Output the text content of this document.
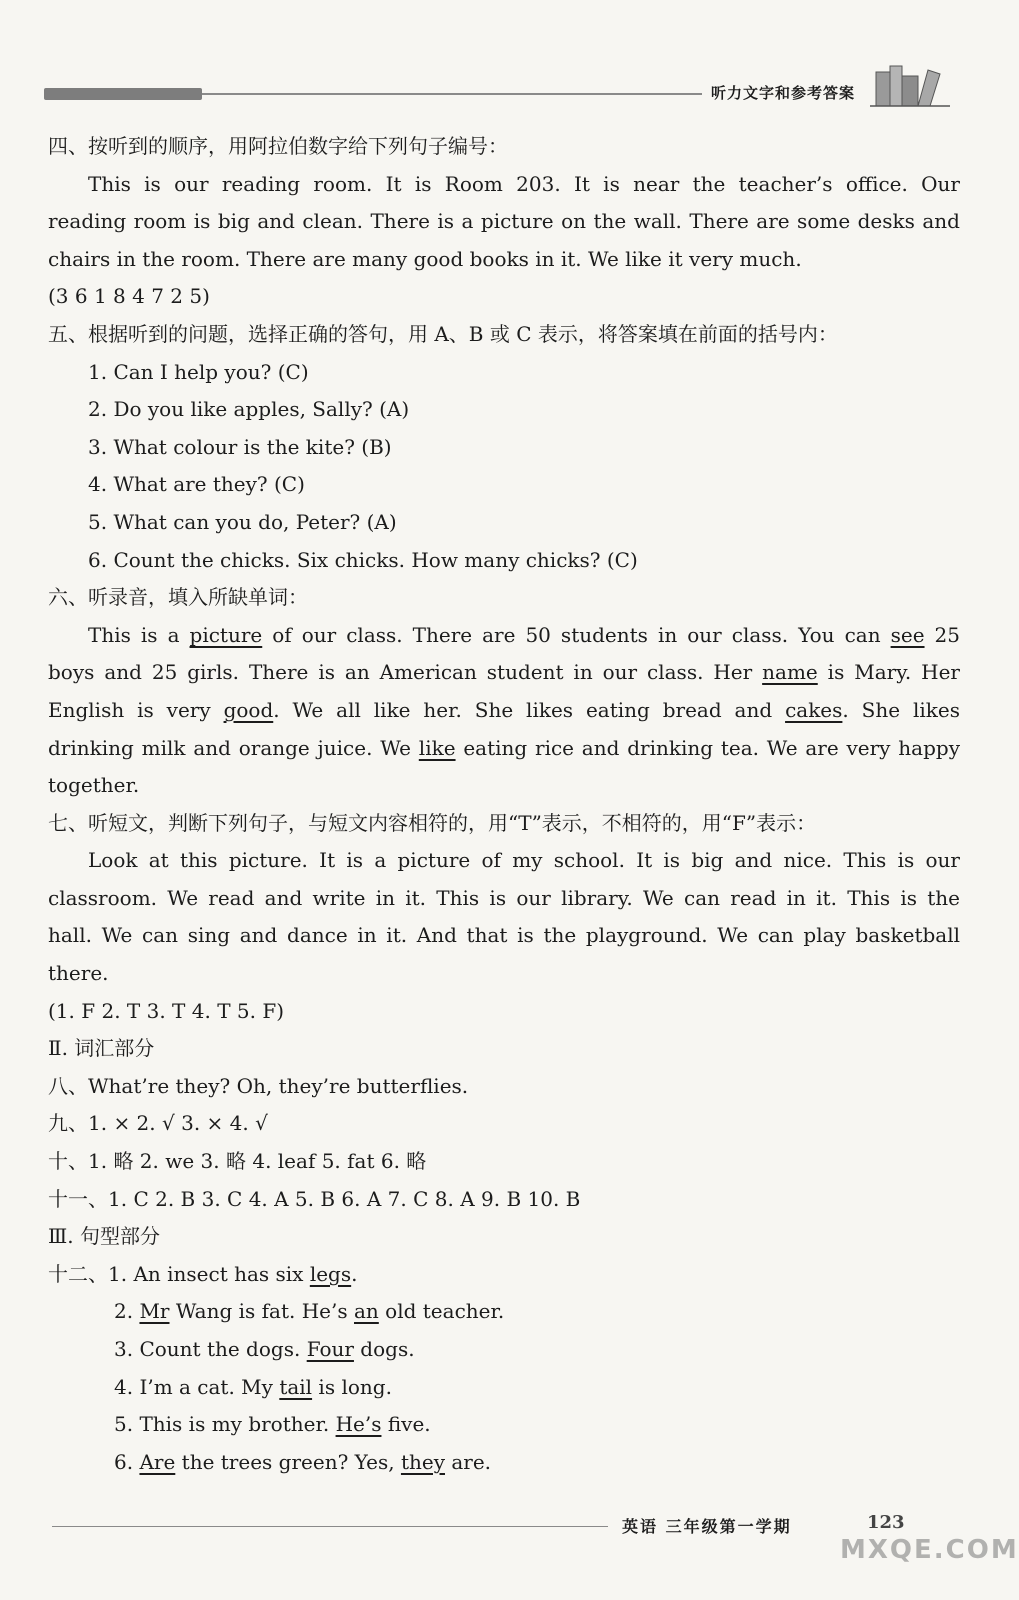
听力文字和参考答案
四、按听到的顺序，用阿拉伯数字给下列句子编号：
This is our reading room. It is Room 203. It is near the teacher’s office. Our
reading room is big and clean. There is a picture on the wall. There are some desks and
chairs in the room. There are many good books in it. We like it very much.
(3 6 1 8 4 7 2 5)
五、根据听到的问题，选择正确的答句，用 A、B 或 C 表示，将答案填在前面的括号内：
1. Can I help you? (C)
2. Do you like apples, Sally? (A)
3. What colour is the kite? (B)
4. What are they? (C)
5. What can you do, Peter? (A)
6. Count the chicks. Six chicks. How many chicks? (C)
六、听录音，填入所缺单词：
This is a picture of our class. There are 50 students in our class. You can see 25
boys and 25 girls. There is an American student in our class. Her name is Mary. Her
English is very good. We all like her. She likes eating bread and cakes. She likes
drinking milk and orange juice. We like eating rice and drinking tea. We are very happy
together.
七、听短文，判断下列句子，与短文内容相符的，用“T”表示，不相符的，用“F”表示：
Look at this picture. It is a picture of my school. It is big and nice. This is our
classroom. We read and write in it. This is our library. We can read in it. This is the
hall. We can sing and dance in it. And that is the playground. We can play basketball
there.
(1. F 2. T 3. T 4. T 5. F)
Ⅱ. 词汇部分
八、What’re they? Oh, they’re butterflies.
九、1. × 2. √ 3. × 4. √
十、1. 略 2. we 3. 略 4. leaf 5. fat 6. 略
十一、1. C 2. B 3. C 4. A 5. B 6. A 7. C 8. A 9. B 10. B
Ⅲ. 句型部分
十二、1. An insect has six legs.
2. Mr Wang is fat. He’s an old teacher.
3. Count the dogs. Four dogs.
4. I’m a cat. My tail is long.
5. This is my brother. He’s five.
6. Are the trees green? Yes, they are.
英语 三年级第一学期	123
MXQE.COM
